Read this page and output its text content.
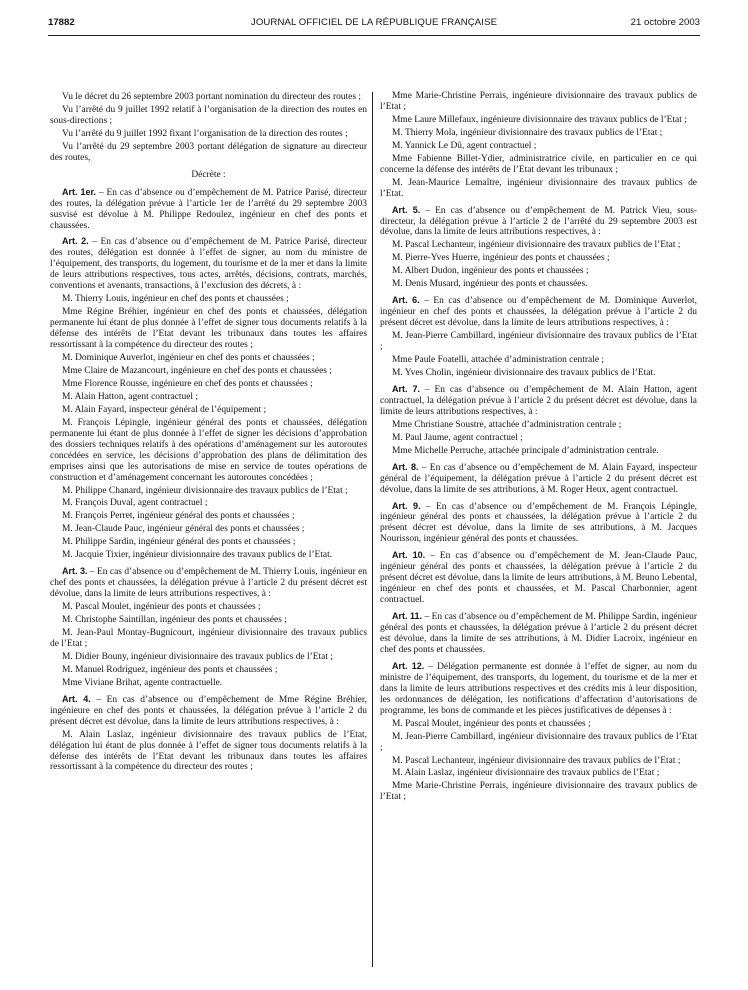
17882	JOURNAL OFFICIEL DE LA RÉPUBLIQUE FRANÇAISE	21 octobre 2003

Vu le décret du 26 septembre 2003 portant nomination du directeur des routes ;

Vu l’arrêté du 9 juillet 1992 relatif à l’organisation de la direction des routes en sous-directions ;

Vu l’arrêté du 9 juillet 1992 fixant l’organisation de la direction des routes ;

Vu l’arrêté du 29 septembre 2003 portant délégation de signature au directeur des routes,

Décrète :

Art. 1er. – En cas d’absence ou d’empêchement de M. Patrice Parisé, directeur des routes, la délégation prévue à l’article 1er de l’arrêté du 29 septembre 2003 susvisé est dévolue à M. Philippe Redoulez, ingénieur en chef des ponts et chaussées.

Art. 2. – En cas d’absence ou d’empêchement de M. Patrice Parisé, directeur des routes, délégation est donnée à l’effet de signer, au nom du ministre de l’équipement, des transports, du logement, du tourisme et de la mer et dans la limite de leurs attributions respectives, tous actes, arrêtés, décisions, contrats, marchés, conventions et avenants, transactions, à l’exclusion des décrets, à :

M. Thierry Louis, ingénieur en chef des ponts et chaussées ;

Mme Régine Bréhier, ingénieur en chef des ponts et chaussées, délégation permanente lui étant de plus donnée à l’effet de signer tous documents relatifs à la défense des intérêts de l’Etat devant les tribunaux dans toutes les affaires ressortissant à la compétence du directeur des routes ;

M. Dominique Auverlot, ingénieur en chef des ponts et chaussées ;

Mme Claire de Mazancourt, ingénieure en chef des ponts et chaussées ;

Mme Florence Rousse, ingénieure en chef des ponts et chaussées ;

M. Alain Hatton, agent contractuel ;

M. Alain Fayard, inspecteur général de l’équipement ;

M. François Lépingle, ingénieur général des ponts et chaussées, délégation permanente lui étant de plus donnée à l’effet de signer les décisions d’approbation des dossiers techniques relatifs à des opérations d’aménagement sur les autoroutes concédées en service, les décisions d’approbation des plans de délimitation des emprises ainsi que les autorisations de mise en service de toutes opérations de construction et d’aménagement concernant les autoroutes concédées ;

M. Philippe Chanard, ingénieur divisionnaire des travaux publics de l’Etat ;

M. François Duval, agent contractuel ;

M. François Perret, ingénieur général des ponts et chaussées ;

M. Jean-Claude Pauc, ingénieur général des ponts et chaussées ;

M. Philippe Sardin, ingénieur général des ponts et chaussées ;

M. Jacquie Tixier, ingénieur divisionnaire des travaux publics de l’Etat.

Art. 3. – En cas d’absence ou d’empêchement de M. Thierry Louis, ingénieur en chef des ponts et chaussées, la délégation prévue à l’article 2 du présent décret est dévolue, dans la limite de leurs attributions respectives, à :

M. Pascal Moulet, ingénieur des ponts et chaussées ;

M. Christophe Saintillan, ingénieur des ponts et chaussées ;

M. Jean-Paul Montay-Bugnicourt, ingénieur divisionnaire des travaux publics de l’Etat ;

M. Didier Bouny, ingénieur divisionnaire des travaux publics de l’Etat ;

M. Manuel Rodriguez, ingénieur des ponts et chaussées ;

Mme Viviane Brihat, agente contractuelle.

Art. 4. – En cas d’absence ou d’empêchement de Mme Régine Bréhier, ingénieure en chef des ponts et chaussées, la délégation prévue à l’article 2 du présent décret est dévolue, dans la limite de leurs attributions respectives, à :

M. Alain Laslaz, ingénieur divisionnaire des travaux publics de l’Etat, délégation lui étant de plus donnée à l’effet de signer tous documents relatifs à la défense des intérêts de l’Etat devant les tribunaux dans toutes les affaires ressortissant à la compétence du directeur des routes ;

Mme Marie-Christine Perrais, ingénieure divisionnaire des travaux publics de l’Etat ;

Mme Laure Millefaux, ingénieure divisionnaire des travaux publics de l’Etat ;

M. Thierry Mola, ingénieur divisionnaire des travaux publics de l’Etat ;

M. Yannick Le Dû, agent contractuel ;

Mme Fabienne Billet-Ydier, administratrice civile, en particulier en ce qui concerne la défense des intérêts de l’Etat devant les tribunaux ;

M. Jean-Maurice Lemaître, ingénieur divisionnaire des travaux publics de l’Etat.

Art. 5. – En cas d’absence ou d’empêchement de M. Patrick Vieu, sous-directeur, la délégation prévue à l’article 2 de l’arrêté du 29 septembre 2003 est dévolue, dans la limite de leurs attributions respectives, à :

M. Pascal Lechanteur, ingénieur divisionnaire des travaux publics de l’Etat ;

M. Pierre-Yves Huerre, ingénieur des ponts et chaussées ;

M. Albert Dudon, ingénieur des ponts et chaussées ;

M. Denis Musard, ingénieur des ponts et chaussées.

Art. 6. – En cas d’absence ou d’empêchement de M. Dominique Auverlot, ingénieur en chef des ponts et chaussées, la délégation prévue à l’article 2 du présent décret est dévolue, dans la limite de leurs attributions respectives, à :

M. Jean-Pierre Cambillard, ingénieur divisionnaire des travaux publics de l’Etat ;

Mme Paule Foatelli, attachée d’administration centrale ;

M. Yves Cholin, ingénieur divisionnaire des travaux publics de l’Etat.

Art. 7. – En cas d’absence ou d’empêchement de M. Alain Hatton, agent contractuel, la délégation prévue à l’article 2 du présent décret est dévolue, dans la limite de leurs attributions respectives, à :

Mme Christiane Soustre, attachée d’administration centrale ;

M. Paul Jaume, agent contractuel ;

Mme Michelle Perruche, attachée principale d’administration centrale.

Art. 8. – En cas d’absence ou d’empêchement de M. Alain Fayard, inspecteur général de l’équipement, la délégation prévue à l’article 2 du présent décret est dévolue, dans la limite de ses attributions, à M. Roger Heux, agent contractuel.

Art. 9. – En cas d’absence ou d’empêchement de M. François Lépingle, ingénieur général des ponts et chaussées, la délégation prévue à l’article 2 du présent décret est dévolue, dans la limite de ses attributions, à M. Jacques Nourisson, ingénieur général des ponts et chaussées.

Art. 10. – En cas d’absence ou d’empêchement de M. Jean-Claude Pauc, ingénieur général des ponts et chaussées, la délégation prévue à l’article 2 du présent décret est dévolue, dans la limite de leurs attributions, à M. Bruno Lebental, ingénieur en chef des ponts et chaussées, et M. Pascal Charbonnier, agent contractuel.

Art. 11. – En cas d’absence ou d’empêchement de M. Philippe Sardin, ingénieur général des ponts et chaussées, la délégation prévue à l’article 2 du présent décret est dévolue, dans la limite de ses attributions, à M. Didier Lacroix, ingénieur en chef des ponts et chaussées.

Art. 12. – Délégation permanente est donnée à l’effet de signer, au nom du ministre de l’équipement, des transports, du logement, du tourisme et de la mer et dans la limite de leurs attributions respectives et des crédits mis à leur disposition, les ordonnances de délégation, les notifications d’affectation d’autorisations de programme, les bons de commande et les pièces justificatives de dépenses à :

M. Pascal Moulet, ingénieur des ponts et chaussées ;

M. Jean-Pierre Cambillard, ingénieur divisionnaire des travaux publics de l’Etat ;

M. Pascal Lechanteur, ingénieur divisionnaire des travaux publics de l’Etat ;

M. Alain Laslaz, ingénieur divisionnaire des travaux publics de l’Etat ;

Mme Marie-Christine Perrais, ingénieure divisionnaire des travaux publics de l’Etat ;
